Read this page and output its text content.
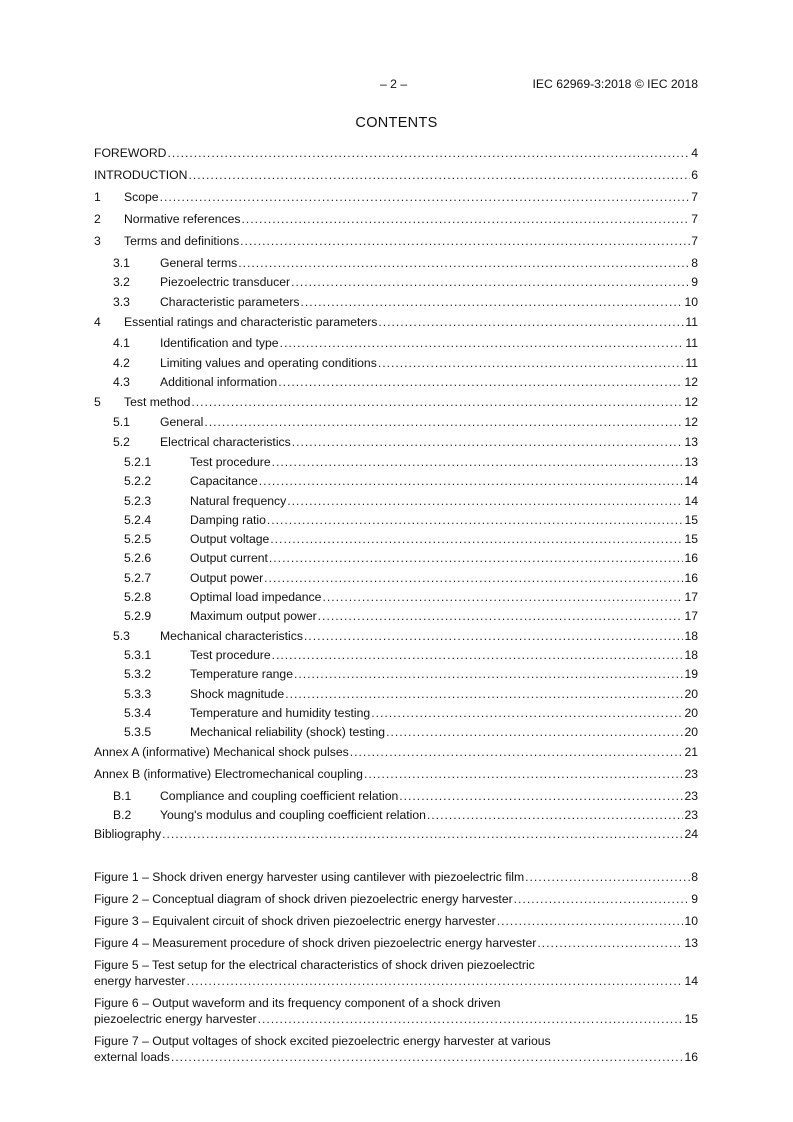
– 2 –	IEC 62969-3:2018 © IEC 2018
CONTENTS
FOREWORD .....	4
INTRODUCTION .....	6
1	Scope .....	7
2	Normative references .....	7
3	Terms and definitions .....	7
3.1	General terms .....	8
3.2	Piezoelectric transducer .....	9
3.3	Characteristic parameters .....	10
4	Essential ratings and characteristic parameters .....	11
4.1	Identification and type .....	11
4.2	Limiting values and operating conditions .....	11
4.3	Additional information .....	12
5	Test method .....	12
5.1	General .....	12
5.2	Electrical characteristics .....	13
5.2.1	Test procedure .....	13
5.2.2	Capacitance .....	14
5.2.3	Natural frequency .....	14
5.2.4	Damping ratio .....	15
5.2.5	Output voltage .....	15
5.2.6	Output current .....	16
5.2.7	Output power .....	16
5.2.8	Optimal load impedance .....	17
5.2.9	Maximum output power .....	17
5.3	Mechanical characteristics .....	18
5.3.1	Test procedure .....	18
5.3.2	Temperature range .....	19
5.3.3	Shock magnitude .....	20
5.3.4	Temperature and humidity testing .....	20
5.3.5	Mechanical reliability (shock) testing .....	20
Annex A (informative) Mechanical shock pulses .....	21
Annex B (informative) Electromechanical coupling .....	23
B.1	Compliance and coupling coefficient relation .....	23
B.2	Young's modulus and coupling coefficient relation .....	23
Bibliography .....	24
Figure 1 – Shock driven energy harvester using cantilever with piezoelectric film .....	8
Figure 2 – Conceptual diagram of shock driven piezoelectric energy harvester .....	9
Figure 3 – Equivalent circuit of shock driven piezoelectric energy harvester .....	10
Figure 4 – Measurement procedure of shock driven piezoelectric energy harvester .....	13
Figure 5 – Test setup for the electrical characteristics of shock driven piezoelectric
energy harvester .....	14
Figure 6 – Output waveform and its frequency component of a shock driven
piezoelectric energy harvester .....	15
Figure 7 – Output voltages of shock excited piezoelectric energy harvester at various
external loads .....	16
